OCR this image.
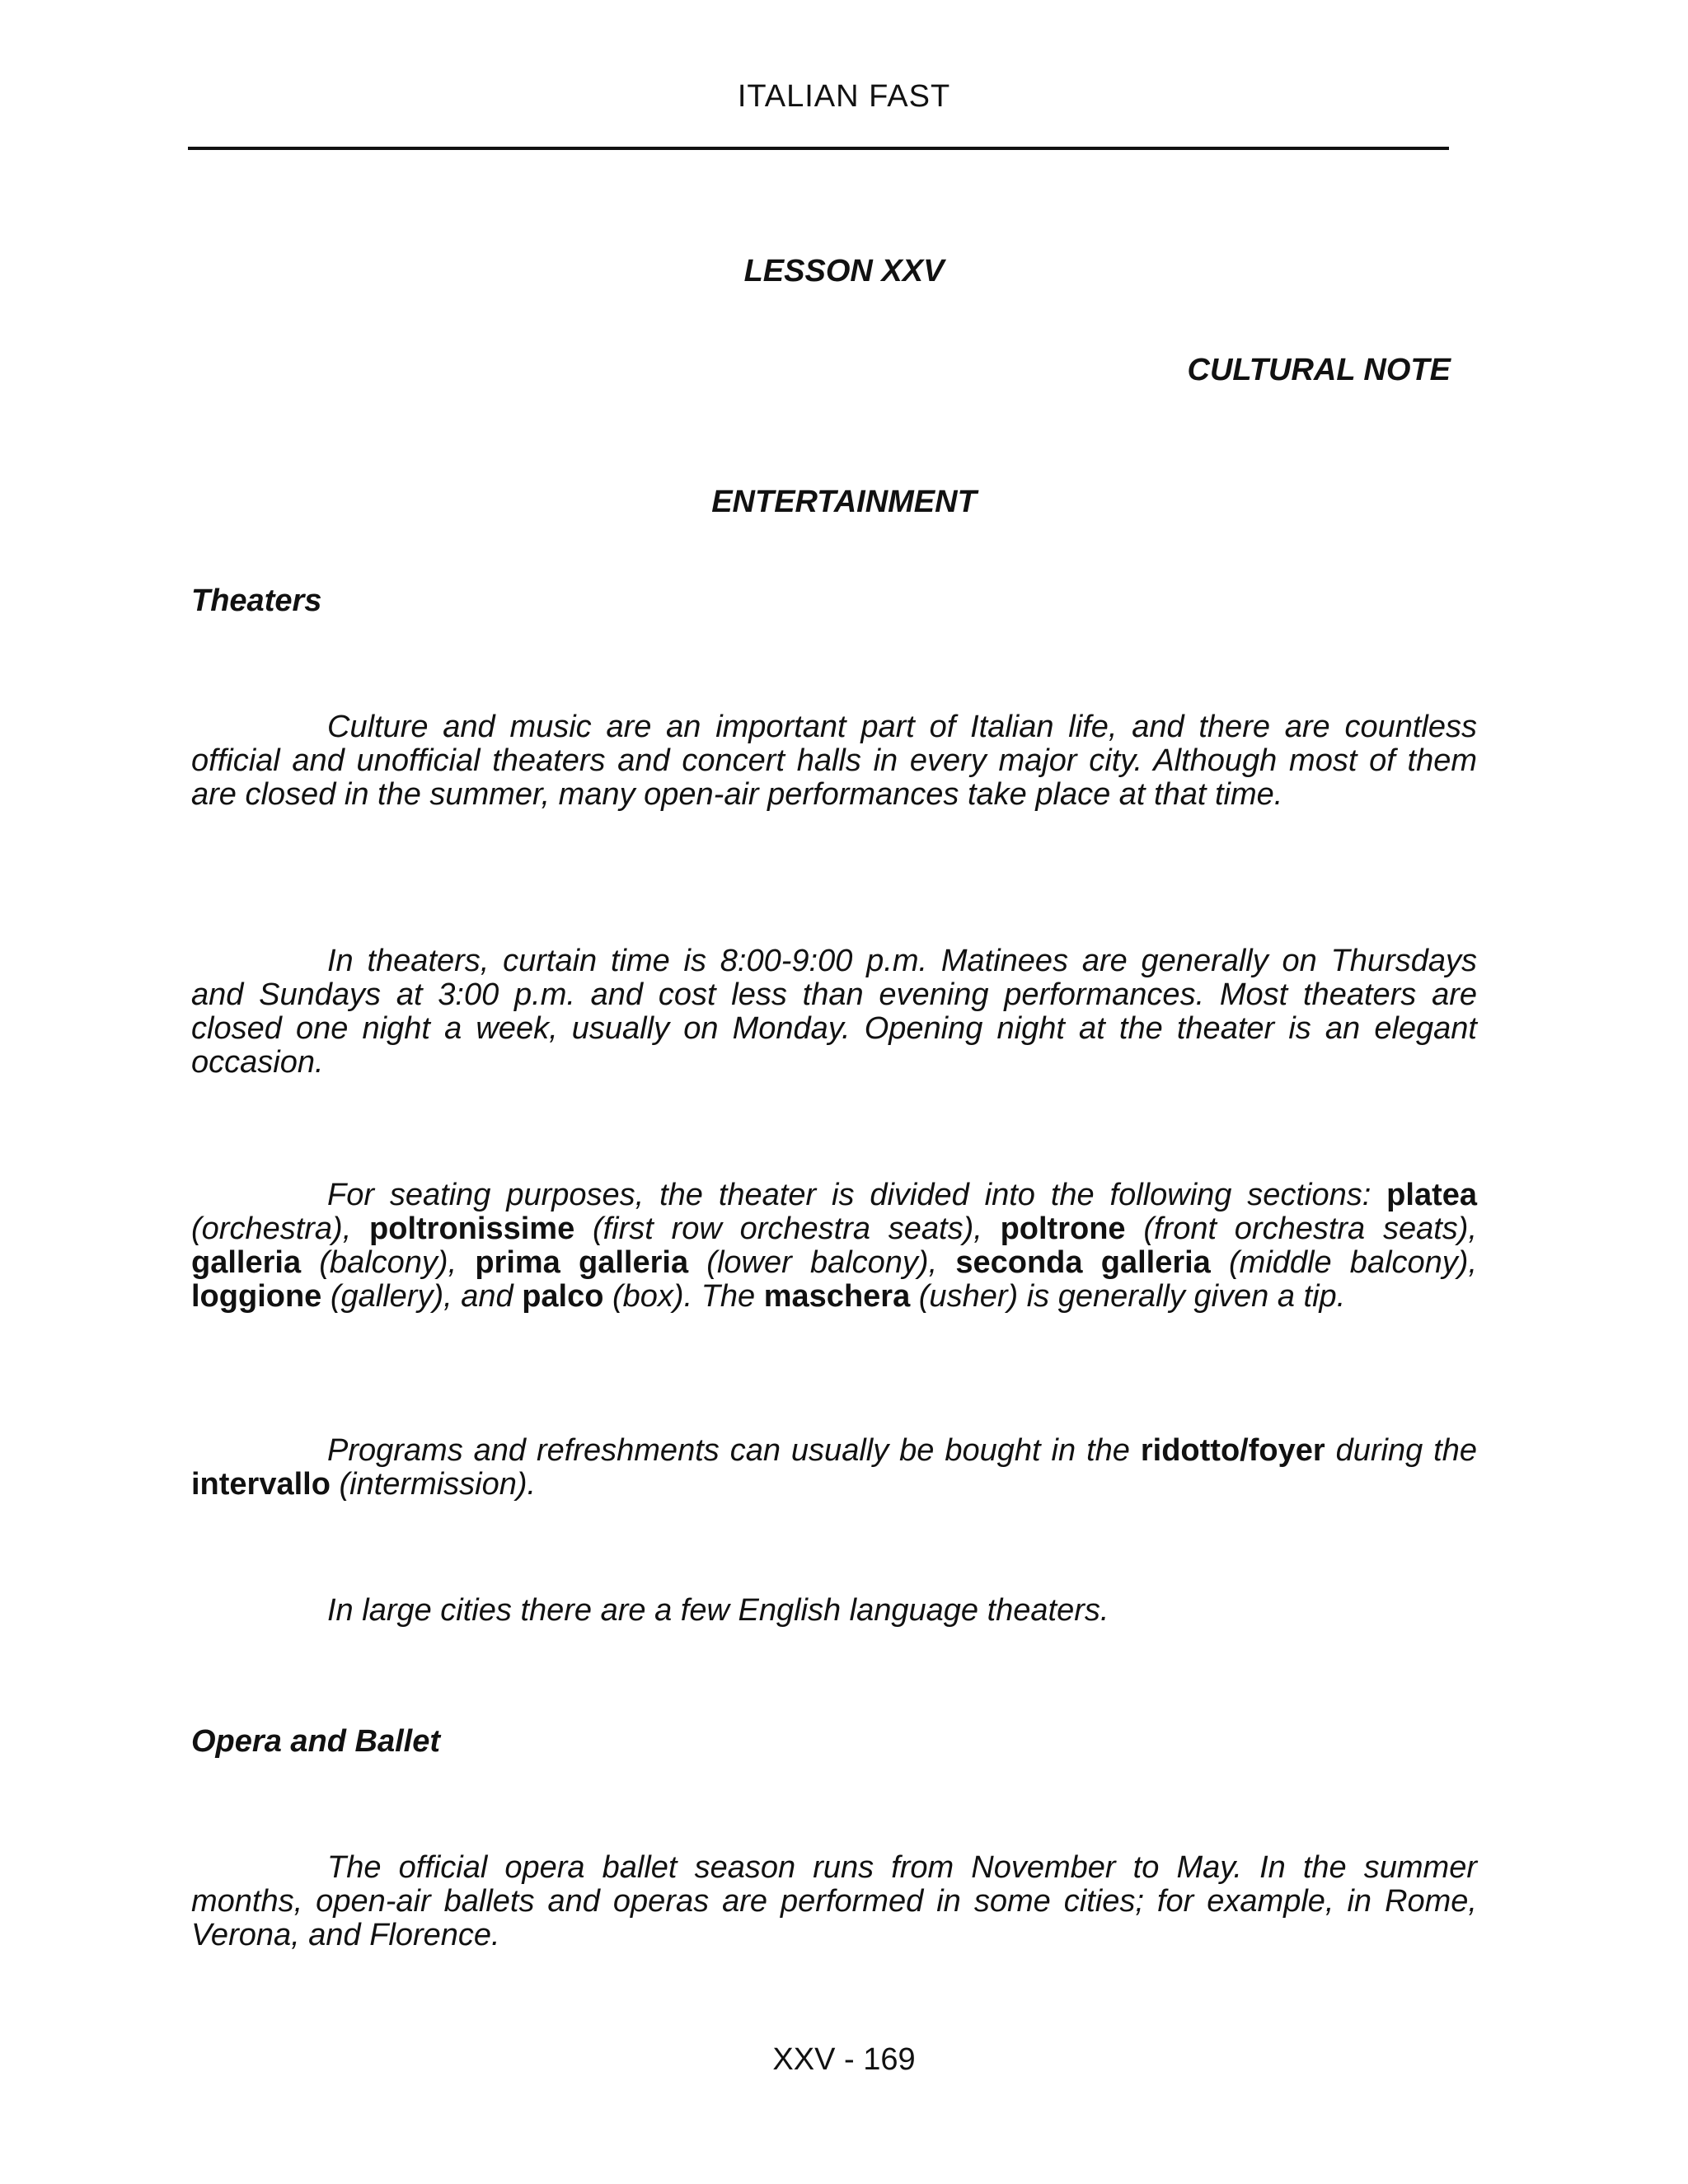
ITALIAN FAST
LESSON XXV
CULTURAL NOTE
ENTERTAINMENT
Theaters

Culture and music are an important part of Italian life, and there are countless official and unofficial theaters and concert halls in every major city. Although most of them are closed in the summer, many open-air performances take place at that time.

In theaters, curtain time is 8:00-9:00 p.m. Matinees are generally on Thursdays and Sundays at 3:00 p.m. and cost less than evening performances. Most theaters are closed one night a week, usually on Monday. Opening night at the theater is an elegant occasion.

For seating purposes, the theater is divided into the following sections: platea (orchestra), poltronissime (first row orchestra seats), poltrone (front orchestra seats), galleria (balcony), prima galleria (lower balcony), seconda galleria (middle balcony), loggione (gallery), and palco (box). The maschera (usher) is generally given a tip.

Programs and refreshments can usually be bought in the ridotto/foyer during the intervallo (intermission).

In large cities there are a few English language theaters.

Opera and Ballet

The official opera ballet season runs from November to May. In the summer months, open-air ballets and operas are performed in some cities; for example, in Rome, Verona, and Florence.

XXV - 169
